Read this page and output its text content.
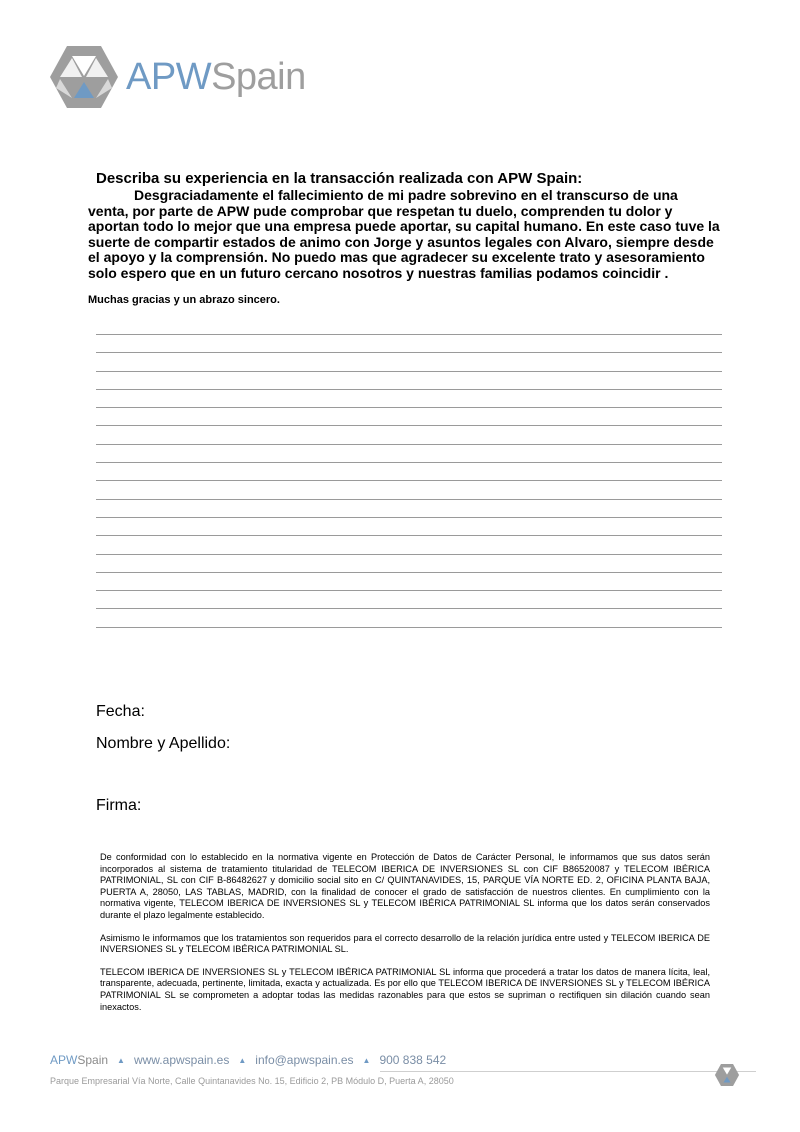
APWSpain

Describa su experiencia en la transacción realizada con APW Spain:

Desgraciadamente el fallecimiento de mi padre sobrevino en el transcurso de una venta, por parte de APW pude comprobar que respetan tu duelo, comprenden tu dolor y aportan todo lo mejor que una empresa puede aportar, su capital humano. En este caso tuve la suerte de compartir estados de animo con Jorge y asuntos legales con Alvaro, siempre desde el apoyo y la comprensión. No puedo mas que agradecer su excelente trato y asesoramiento solo espero que en un futuro cercano nosotros y nuestras familias podamos coincidir .

Muchas gracias y un abrazo sincero.

Fecha:

Nombre y Apellido:

Firma:

De conformidad con lo establecido en la normativa vigente en Protección de Datos de Carácter Personal, le informamos que sus datos serán incorporados al sistema de tratamiento titularidad de TELECOM IBERICA DE INVERSIONES SL con CIF B86520087 y TELECOM IBÉRICA PATRIMONIAL, SL con CIF B-86482627 y domicilio social sito en C/ QUINTANAVIDES, 15, PARQUE VÍA NORTE ED. 2, OFICINA PLANTA BAJA, PUERTA A, 28050, LAS TABLAS, MADRID, con la finalidad de conocer el grado de satisfacción de nuestros clientes. En cumplimiento con la normativa vigente, TELECOM IBERICA DE INVERSIONES SL y TELECOM IBÉRICA PATRIMONIAL SL informa que los datos serán conservados durante el plazo legalmente establecido.

Asimismo le informamos que los tratamientos son requeridos para el correcto desarrollo de la relación jurídica entre usted y TELECOM IBERICA DE INVERSIONES SL y TELECOM IBÉRICA PATRIMONIAL SL.

TELECOM IBERICA DE INVERSIONES SL y TELECOM IBÉRICA PATRIMONIAL SL informa que procederá a tratar los datos de manera lícita, leal, transparente, adecuada, pertinente, limitada, exacta y actualizada. Es por ello que TELECOM IBERICA DE INVERSIONES SL y TELECOM IBÉRICA PATRIMONIAL SL se comprometen a adoptar todas las medidas razonables para que estos se supriman o rectifiquen sin dilación cuando sean inexactos.

APWSpain ▲ www.apwspain.es ▲ info@apwspain.es ▲ 900 838 542
Parque Empresarial Vía Norte, Calle Quintanavides No. 15, Edificio 2, PB Módulo D, Puerta A, 28050
